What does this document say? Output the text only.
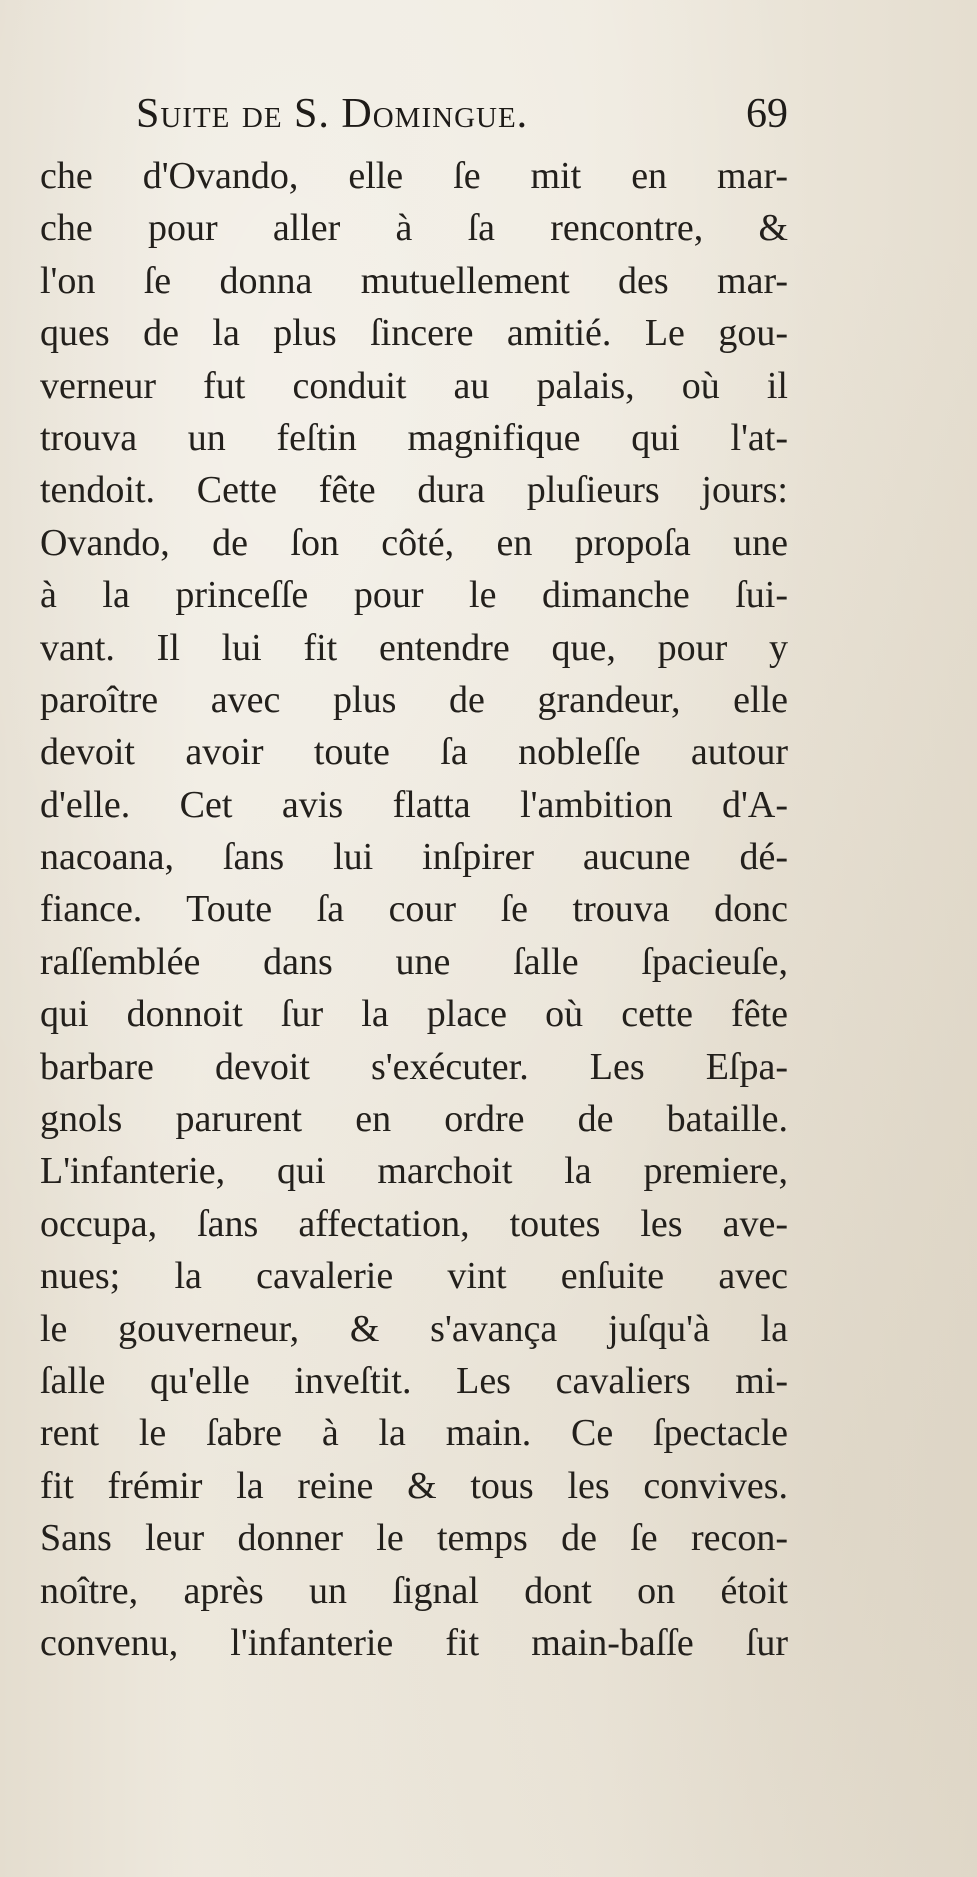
Suite de S. Domingue.	69
che d'Ovando, elle ſe mit en mar-
che pour aller à ſa rencontre, &
l'on ſe donna mutuellement des mar-
ques de la plus ſincere amitié. Le gou-
verneur fut conduit au palais, où il
trouva un feſtin magnifique qui l'at-
tendoit. Cette fête dura pluſieurs jours:
Ovando, de ſon côté, en propoſa une
à la princeſſe pour le dimanche ſui-
vant. Il lui fit entendre que, pour y
paroître avec plus de grandeur, elle
devoit avoir toute ſa nobleſſe autour
d'elle. Cet avis flatta l'ambition d'A-
nacoana, ſans lui inſpirer aucune dé-
fiance. Toute ſa cour ſe trouva donc
raſſemblée dans une ſalle ſpacieuſe,
qui donnoit ſur la place où cette fête
barbare devoit s'exécuter. Les Eſpa-
gnols parurent en ordre de bataille.
L'infanterie, qui marchoit la premiere,
occupa, ſans affectation, toutes les ave-
nues; la cavalerie vint enſuite avec
le gouverneur, & s'avança juſqu'à la
ſalle qu'elle inveſtit. Les cavaliers mi-
rent le ſabre à la main. Ce ſpectacle
fit frémir la reine & tous les convives.
Sans leur donner le temps de ſe recon-
noître, après un ſignal dont on étoit
convenu, l'infanterie fit main-baſſe ſur
